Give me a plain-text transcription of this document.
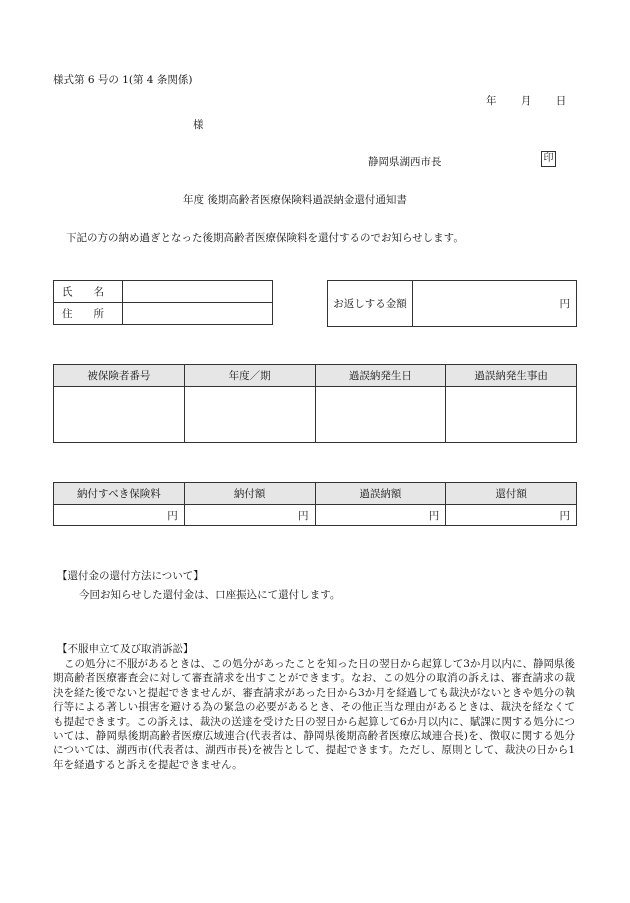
様式第 6 号の 1(第 4 条関係)
年 月 日
様
静岡県湖西市長	印
年度 後期高齢者医療保険料過誤納金還付通知書
下記の方の納め過ぎとなった後期高齢者医療保険料を還付するのでお知らせします。
氏　　名	
住　　所	
お返しする金額	円
被保険者番号	年度／期	過誤納発生日	過誤納発生事由

納付すべき保険料	納付額	過誤納額	還付額
円	円	円	円
【還付金の還付方法について】
今回お知らせした還付金は、口座振込にて還付します。
【不服申立て及び取消訴訟】
この処分に不服があるときは、この処分があったことを知った日の翌日から起算して3か月以内に、静岡県後期高齢者医療審査会に対して審査請求を出すことができます。なお、この処分の取消の訴えは、審査請求の裁決を経た後でないと提起できませんが、審査請求があった日から3か月を経過しても裁決がないときや処分の執行等による著しい損害を避ける為の緊急の必要があるとき、その他正当な理由があるときは、裁決を経なくても提起できます。この訴えは、裁決の送達を受けた日の翌日から起算して6か月以内に、賦課に関する処分については、静岡県後期高齢者医療広域連合(代表者は、静岡県後期高齢者医療広域連合長)を、徴収に関する処分については、湖西市(代表者は、湖西市長)を被告として、提起できます。ただし、原則として、裁決の日から1年を経過すると訴えを提起できません。
